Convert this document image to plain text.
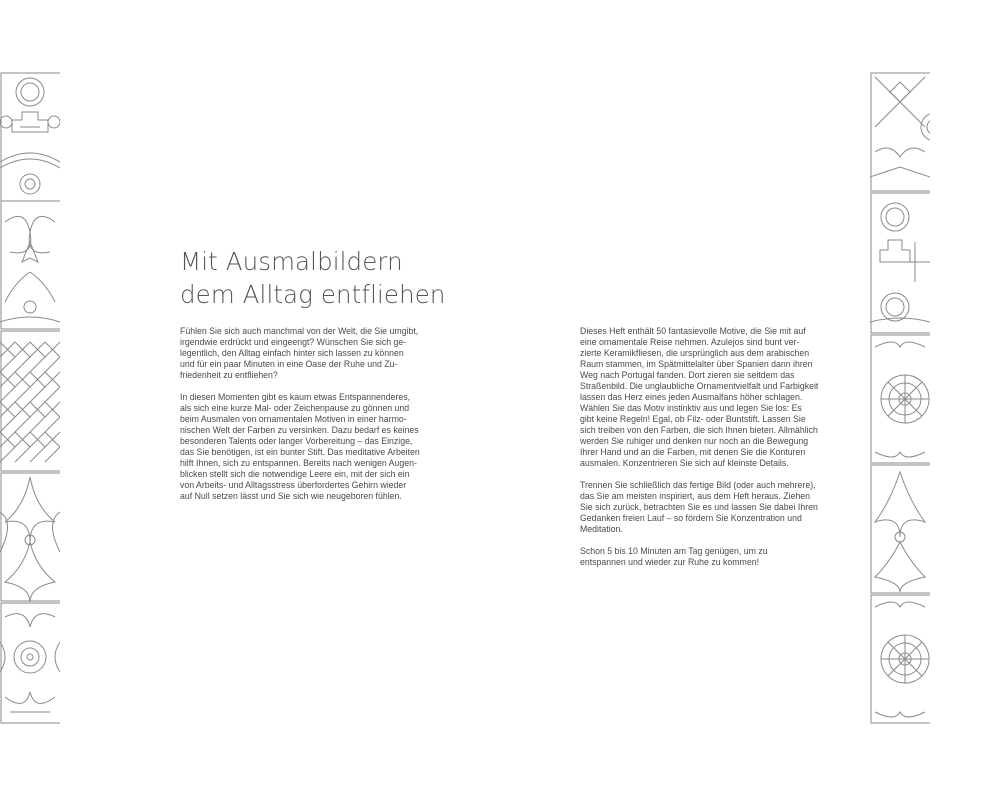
Mit Ausmalbildern
dem Alltag entfliehen

Fühlen Sie sich auch manchmal von der Welt, die Sie umgibt,
irgendwie erdrückt und eingeengt? Wünschen Sie sich ge-
legentlich, den Alltag einfach hinter sich lassen zu können
und für ein paar Minuten in eine Oase der Ruhe und Zu-
friedenheit zu entfliehen?

In diesen Momenten gibt es kaum etwas Entspannenderes,
als sich eine kurze Mal- oder Zeichenpause zu gönnen und
beim Ausmalen von ornamentalen Motiven in einer harmo-
nischen Welt der Farben zu versinken. Dazu bedarf es keines
besonderen Talents oder langer Vorbereitung – das Einzige,
das Sie benötigen, ist ein bunter Stift. Das meditative Arbeiten
hilft Ihnen, sich zu entspannen. Bereits nach wenigen Augen-
blicken stellt sich die notwendige Leere ein, mit der sich ein
von Arbeits- und Alltagsstress überfordertes Gehirn wieder
auf Null setzen lässt und Sie sich wie neugeboren fühlen.

Dieses Heft enthält 50 fantasievolle Motive, die Sie mit auf
eine ornamentale Reise nehmen. Azulejos sind bunt ver-
zierte Keramikfliesen, die ursprünglich aus dem arabischen
Raum stammen, im Spätmittelalter über Spanien dann ihren
Weg nach Portugal fanden. Dort zieren sie seitdem das
Straßenbild. Die unglaubliche Ornamentvielfalt und Farbigkeit
lassen das Herz eines jeden Ausmalfans höher schlagen.
Wählen Sie das Motiv instinktiv aus und legen Sie los: Es
gibt keine Regeln! Egal, ob Filz- oder Buntstift. Lassen Sie
sich treiben von den Farben, die sich Ihnen bieten. Allmählich
werden Sie ruhiger und denken nur noch an die Bewegung
Ihrer Hand und an die Farben, mit denen Sie die Konturen
ausmalen. Konzentrieren Sie sich auf kleinste Details.

Trennen Sie schließlich das fertige Bild (oder auch mehrere),
das Sie am meisten inspiriert, aus dem Heft heraus. Ziehen
Sie sich zurück, betrachten Sie es und lassen Sie dabei Ihren
Gedanken freien Lauf – so fördern Sie Konzentration und
Meditation.

Schon 5 bis 10 Minuten am Tag genügen, um zu
entspannen und wieder zur Ruhe zu kommen!
